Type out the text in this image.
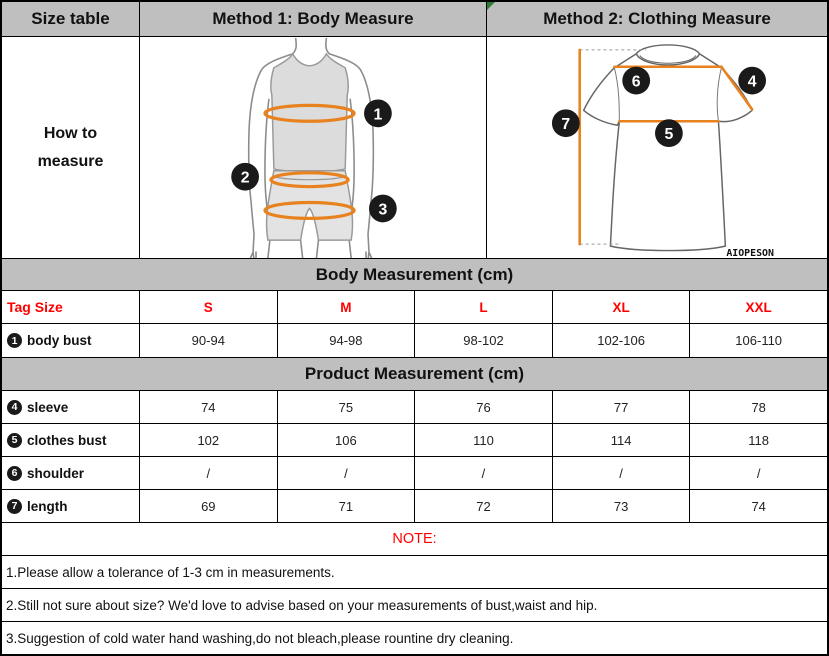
Size table	Method 1: Body Measure	Method 2: Clothing Measure
How to measure
1
2
3
6	4
5
7
AIOPESON
Body Measurement (cm)
Tag Size	S	M	L	XL	XXL
1 body bust	90-94	94-98	98-102	102-106	106-110
Product Measurement (cm)
4 sleeve	74	75	76	77	78
5 clothes bust	102	106	110	114	118
6 shoulder	/	/	/	/	/
7 length	69	71	72	73	74
NOTE:
1.Please allow a tolerance of 1-3 cm in measurements.
2.Still not sure about size? We'd love to advise based on your measurements of bust,waist and hip.
3.Suggestion of cold water hand washing,do not bleach,please rountine dry cleaning.
